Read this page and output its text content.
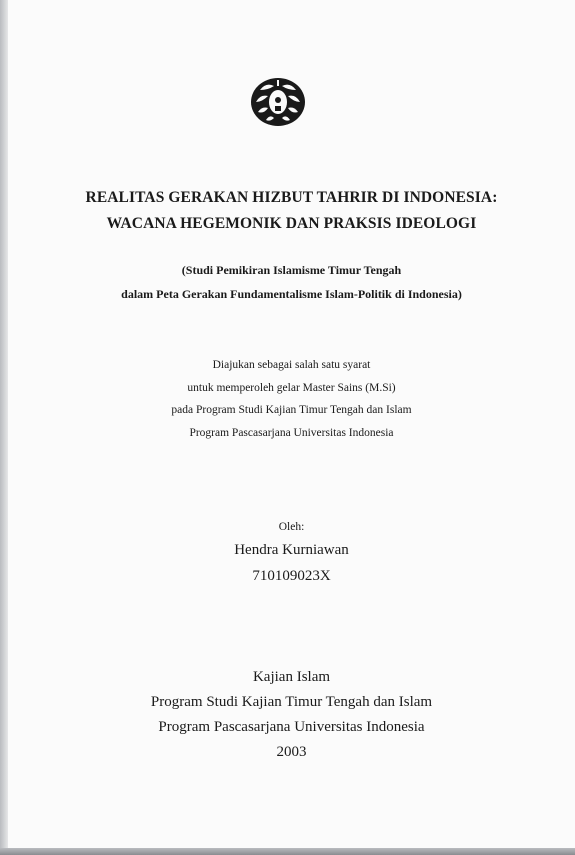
REALITAS GERAKAN HIZBUT TAHRIR DI INDONESIA:
WACANA HEGEMONIK DAN PRAKSIS IDEOLOGI
(Studi Pemikiran Islamisme Timur Tengah
dalam Peta Gerakan Fundamentalisme Islam-Politik di Indonesia)
Diajukan sebagai salah satu syarat
untuk memperoleh gelar Master Sains (M.Si)
pada Program Studi Kajian Timur Tengah dan Islam
Program Pascasarjana Universitas Indonesia
Oleh:
Hendra Kurniawan
710109023X
Kajian Islam
Program Studi Kajian Timur Tengah dan Islam
Program Pascasarjana Universitas Indonesia
2003
